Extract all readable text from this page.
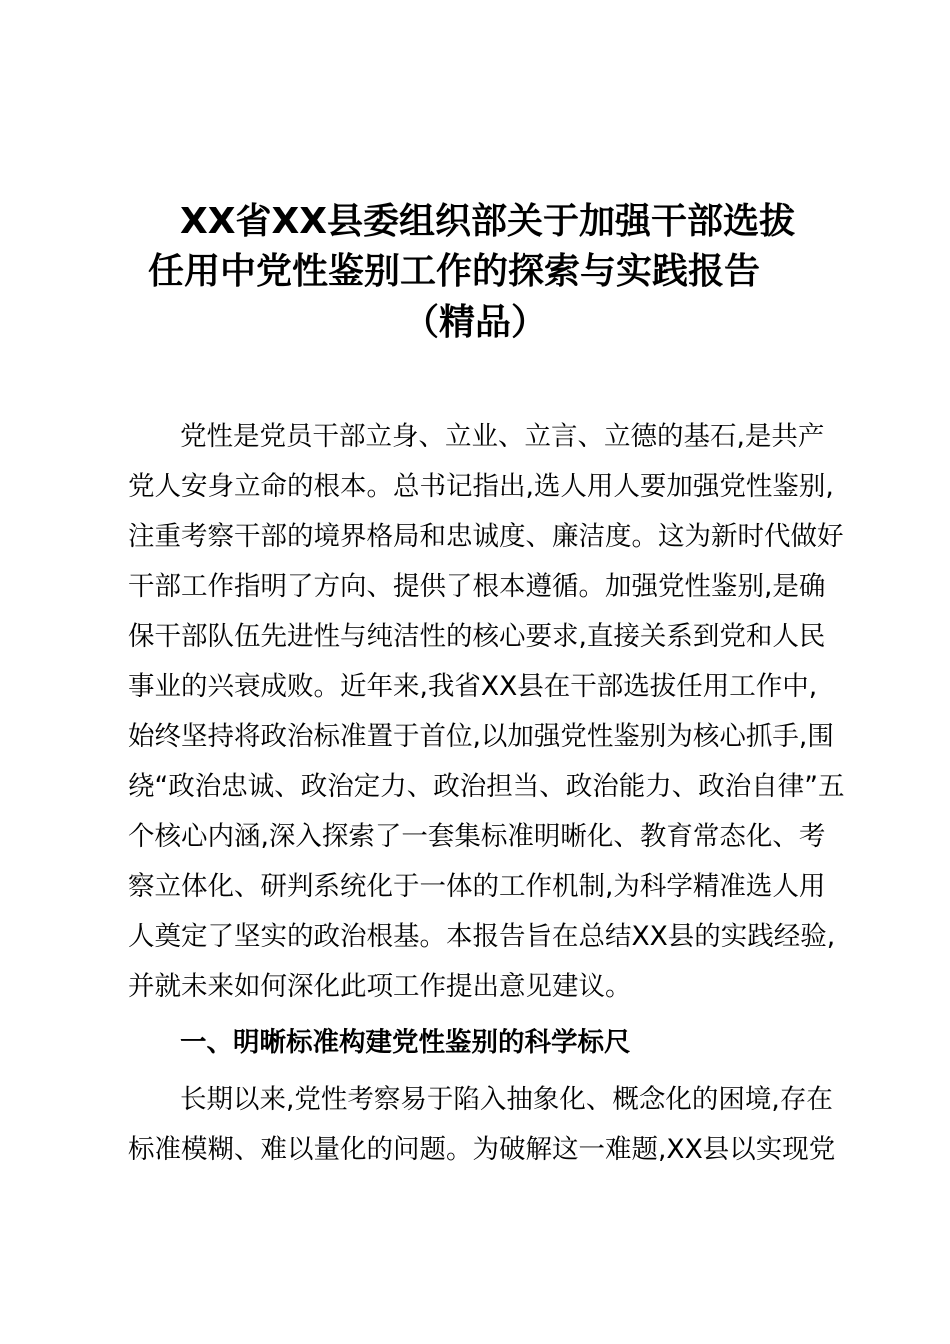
XX省XX县委组织部关于加强干部选拔
任用中党性鉴别工作的探索与实践报告
（精品）
党性是党员干部立身、立业、立言、立德的基石,是共产
党人安身立命的根本。总书记指出,选人用人要加强党性鉴别,
注重考察干部的境界格局和忠诚度、廉洁度。这为新时代做好
干部工作指明了方向、提供了根本遵循。加强党性鉴别,是确
保干部队伍先进性与纯洁性的核心要求,直接关系到党和人民
事业的兴衰成败。近年来,我省XX县在干部选拔任用工作中,
始终坚持将政治标准置于首位,以加强党性鉴别为核心抓手,围
绕“政治忠诚、政治定力、政治担当、政治能力、政治自律”五
个核心内涵,深入探索了一套集标准明晰化、教育常态化、考
察立体化、研判系统化于一体的工作机制,为科学精准选人用
人奠定了坚实的政治根基。本报告旨在总结XX县的实践经验,
并就未来如何深化此项工作提出意见建议。
一、明晰标准构建党性鉴别的科学标尺
长期以来,党性考察易于陷入抽象化、概念化的困境,存在
标准模糊、难以量化的问题。为破解这一难题,XX县以实现党
